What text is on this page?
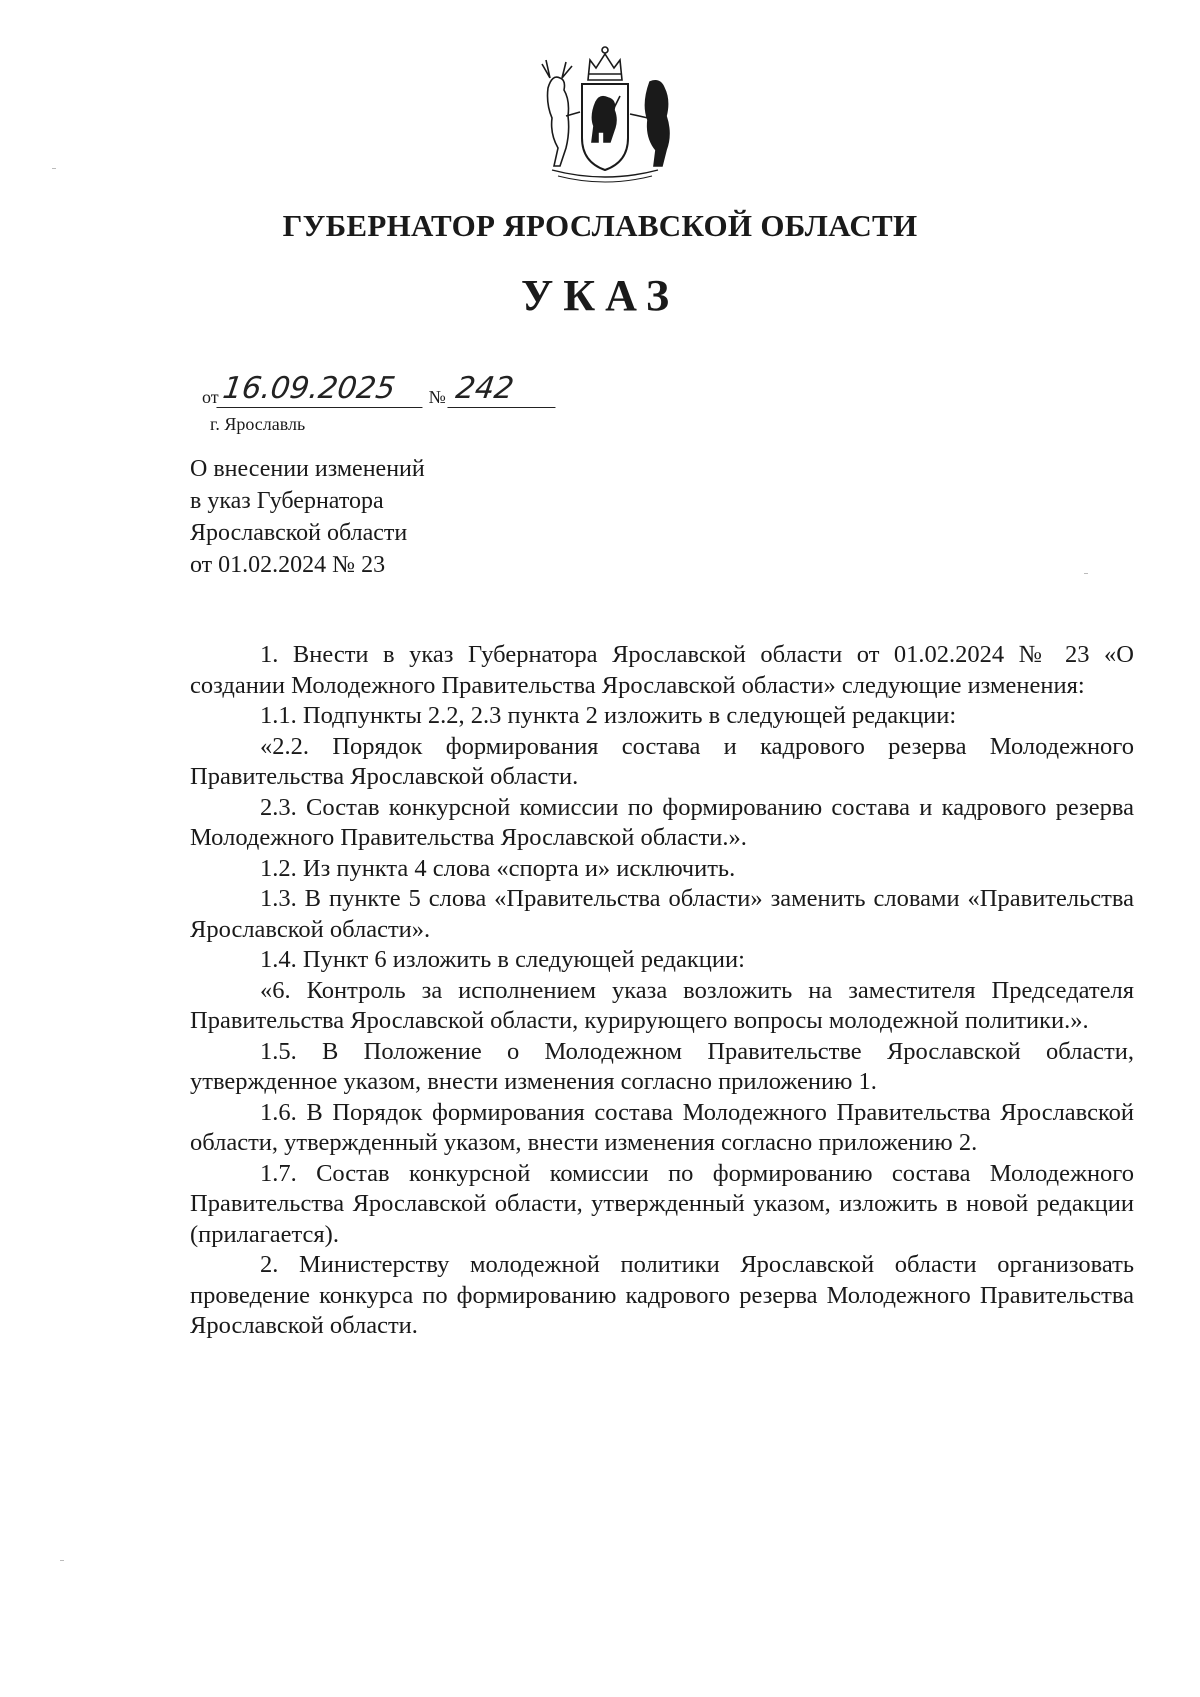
ГУБЕРНАТОР ЯРОСЛАВСКОЙ ОБЛАСТИ
УКАЗ
от 16.09.2025	№ 242
г. Ярославль
О внесении изменений
в указ Губернатора
Ярославской области
от 01.02.2024 № 23

1. Внести в указ Губернатора Ярославской области от 01.02.2024 № 23 «О создании Молодежного Правительства Ярославской области» следующие изменения:

1.1. Подпункты 2.2, 2.3 пункта 2 изложить в следующей редакции:

«2.2. Порядок формирования состава и кадрового резерва Молодежного Правительства Ярославской области.

2.3. Состав конкурсной комиссии по формированию состава и кадрового резерва Молодежного Правительства Ярославской области.».

1.2. Из пункта 4 слова «спорта и» исключить.

1.3. В пункте 5 слова «Правительства области» заменить словами «Правительства Ярославской области».

1.4. Пункт 6 изложить в следующей редакции:

«6. Контроль за исполнением указа возложить на заместителя Председателя Правительства Ярославской области, курирующего вопросы молодежной политики.».

1.5. В Положение о Молодежном Правительстве Ярославской области, утвержденное указом, внести изменения согласно приложению 1.

1.6. В Порядок формирования состава Молодежного Правительства Ярославской области, утвержденный указом, внести изменения согласно приложению 2.

1.7. Состав конкурсной комиссии по формированию состава Молодежного Правительства Ярославской области, утвержденный указом, изложить в новой редакции (прилагается).

2. Министерству молодежной политики Ярославской области организовать проведение конкурса по формированию кадрового резерва Молодежного Правительства Ярославской области.
